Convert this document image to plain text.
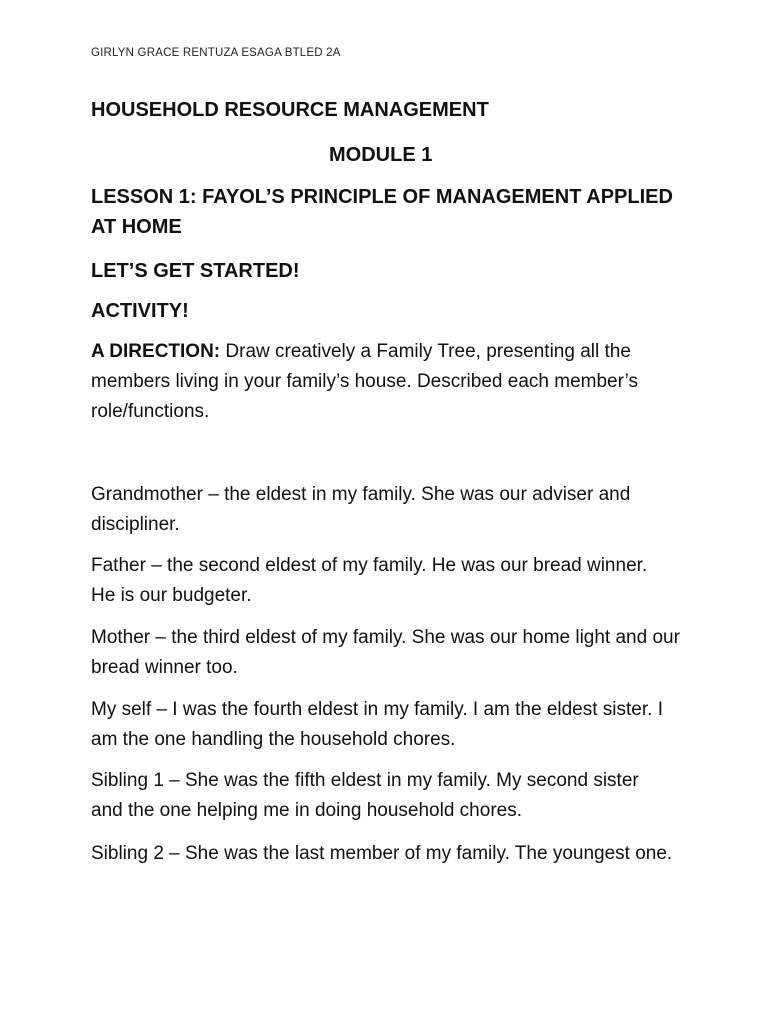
GIRLYN GRACE RENTUZA ESAGA BTLED 2A
HOUSEHOLD RESOURCE MANAGEMENT
MODULE 1
LESSON 1: FAYOL’S PRINCIPLE OF MANAGEMENT APPLIED AT HOME
LET’S GET STARTED!
ACTIVITY!
A DIRECTION: Draw creatively a Family Tree, presenting all the members living in your family’s house. Described each member’s role/functions.
Grandmother – the eldest in my family. She was our adviser and discipliner.
Father – the second eldest of my family. He was our bread winner. He is our budgeter.
Mother – the third eldest of my family. She was our home light and our bread winner too.
My self – I was the fourth eldest in my family. I am the eldest sister. I am the one handling the household chores.
Sibling 1 – She was the fifth eldest in my family. My second sister and the one helping me in doing household chores.
Sibling 2 – She was the last member of my family. The youngest one.
